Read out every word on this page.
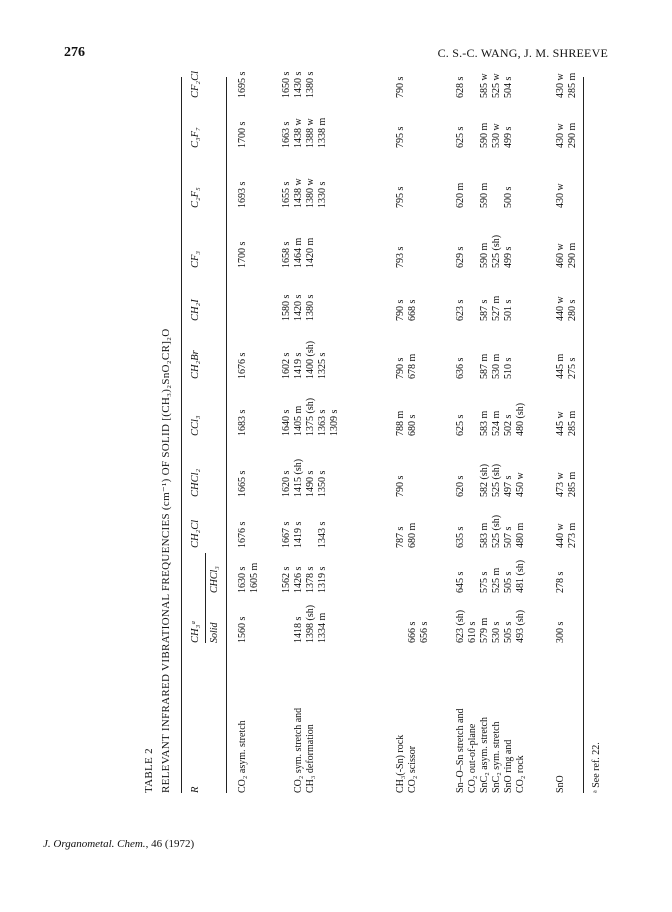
276	C. S.-C. WANG, J. M. SHREEVE
J. Organometal. Chem., 46 (1972)
TABLE 2 RELEVANT INFRARED VIBRATIONAL FREQUENCIES (cm⁻¹) OF SOLID [(CH₃)₂SnO₂CR]₂O R
CH₃ᵃ Solid
CHCl₃
CH₂Cl
CHCl₂
CCl₃
CH₂Br
CH₂I
CF₃
C₂F₅
C₃F₇
CF₂Cl
CO₂ asym. stretch
1560 s
1630 s 1605 m
1676 s
1665 s
1683 s
1676 s
1700 s
1693 s
1700 s
1695 s
CO₂ sym. stretch and CH₃ deformation
1418 s 1398 (sh) 1334 m
1562 s 1426 s 1378 s 1319 s
1667 s 1419 s 1343 s
1620 s 1415 (sh) 1490 s 1350 s
1640 s 1405 m 1375 (sh) 1363 s 1309 s
1602 s 1419 s 1400 (sh) 1325 s
1580 s 1420 s 1380 s
1658 s 1464 m 1420 m
1655 s 1438 w 1380 w 1330 s
1663 s 1438 w 1388 w 1338 m
1650 s 1430 s 1380 s
CH₃(-Sn) rock CO₂ scissor
666 s 656 s
787 s 680 m
790 s
788 m 680 s
790 s 678 m
790 s 668 s
793 s
795 s
795 s
790 s
Sn–O–Sn stretch and CO₂ out-of-plane SnC₂ asym. stretch SnC₂ sym. stretch SnO ring and CO₂ rock
623 (sh) 610 s 579 m 530 s 505 s 493 (sh)
645 s 575 s 525 m 505 s 481 (sh)
635 s 583 m 525 (sh) 507 s 480 m
620 s 582 (sh) 525 (sh) 497 s 450 w
625 s 583 m 524 m 502 s 480 (sh)
636 s 587 m 530 m 510 s
623 s 587 s 527 m 501 s
629 s 590 m 525 (sh) 499 s
620 m 590 m 500 s
625 s 590 m 530 w 499 s
628 s 585 w 525 w 504 s
SnO
300 s
278 s
440 w 273 m
473 w 285 m
445 w 285 m
445 m 275 s
440 w 280 s
460 w 290 m
430 w
430 w 290 m
430 w 285 m
ᵃ See ref. 22.
